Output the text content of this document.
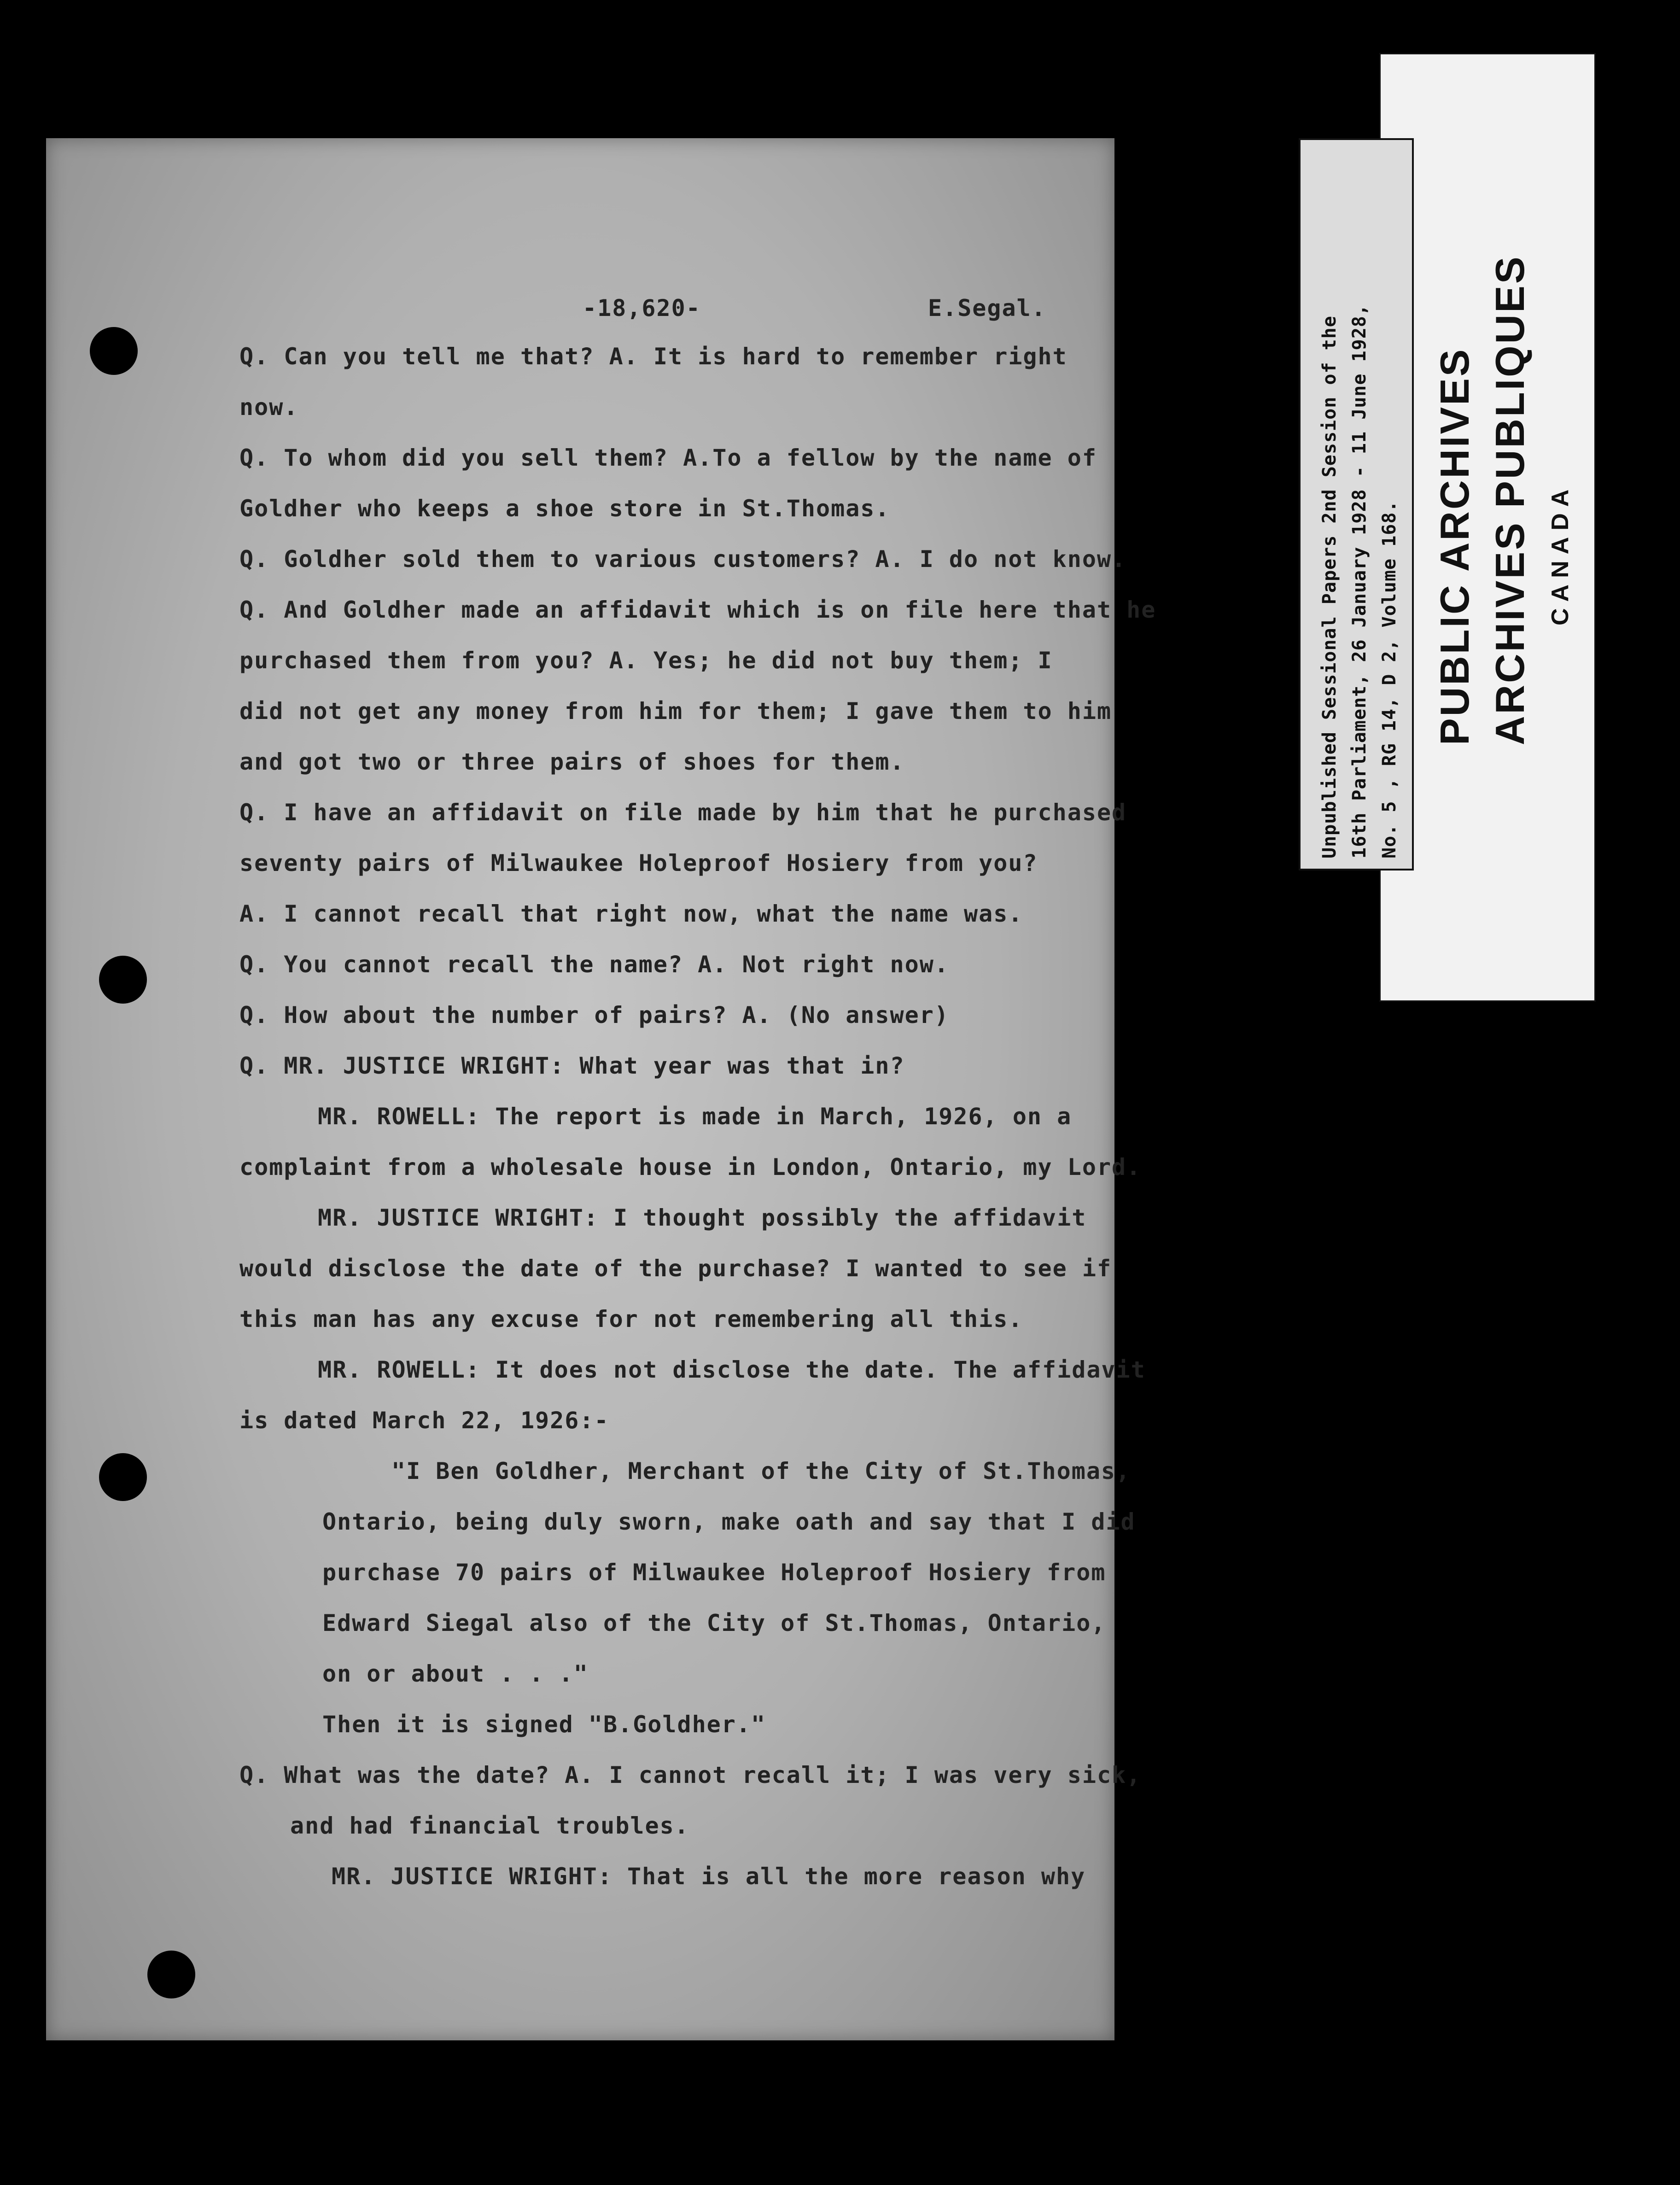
-18,620-	E.Segal.
Q. Can you tell me that? A. It is hard to remember right
now.
Q. To whom did you sell them? A.To a fellow by the name of
Goldher who keeps a shoe store in St.Thomas.
Q. Goldher sold them to various customers? A. I do not know.
Q. And Goldher made an affidavit which is on file here that he
purchased them from you? A. Yes; he did not buy them; I
did not get any money from him for them; I gave them to him
and got two or three pairs of shoes for them.
Q. I have an affidavit on file made by him that he purchased
seventy pairs of Milwaukee Holeproof Hosiery from you?
A. I cannot recall that right now, what the name was.
Q. You cannot recall the name? A. Not right now.
Q. How about the number of pairs? A. (No answer)
Q. MR. JUSTICE WRIGHT: What year was that in?
MR. ROWELL: The report is made in March, 1926, on a
complaint from a wholesale house in London, Ontario, my Lord.
MR. JUSTICE WRIGHT: I thought possibly the affidavit
would disclose the date of the purchase? I wanted to see if
this man has any excuse for not remembering all this.
MR. ROWELL: It does not disclose the date. The affidavit
is dated March 22, 1926:-
"I Ben Goldher, Merchant of the City of St.Thomas,
Ontario, being duly sworn, make oath and say that I did
purchase 70 pairs of Milwaukee Holeproof Hosiery from
Edward Siegal also of the City of St.Thomas, Ontario,
on or about . . ."
Then it is signed "B.Goldher."
Q. What was the date? A. I cannot recall it; I was very sick,
and had financial troubles.
MR. JUSTICE WRIGHT: That is all the more reason why
PUBLIC ARCHIVES ARCHIVES PUBLIQUES CANADA
Unpublished Sessional Papers 2nd Session of the 16th Parliament, 26 January 1928 - 11 June 1928, No. 5 , RG 14, D 2, Volume 168.
